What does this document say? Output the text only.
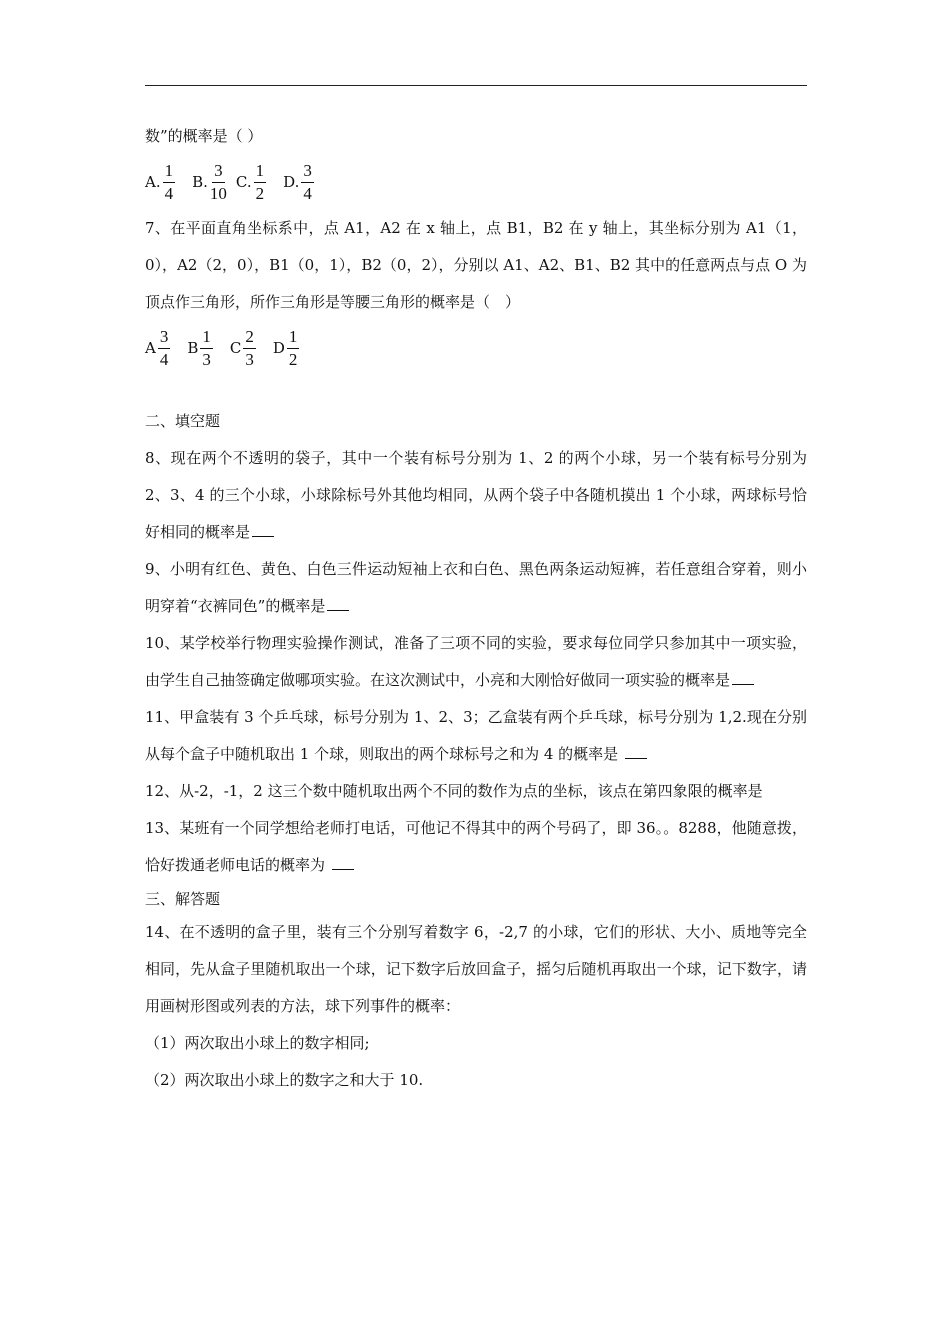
数”的概率是（ ）

A. $\frac{1}{4} B$. $\frac{3}{10} C$. $\frac{1}{2} D$. $\frac{3}{4}$

7、在平面直角坐标系中，点 A1，A2 在 x 轴上，点 B1，B2 在 y 轴上，其坐标分别为 A1（1，0），A2（2，0），B1（0，1），B2（0，2），分别以 A1、A2、B1、B2 其中的任意两点与点 O 为顶点作三角形，所作三角形是等腰三角形的概率是（　）

A $\frac{3}{4}$ B $\frac{1}{3}$ C $\frac{2}{3}$ D $\frac{1}{2}$

二、填空题

8、现在两个不透明的袋子，其中一个装有标号分别为 1、2 的两个小球，另一个装有标号分别为 2、3、4 的三个小球，小球除标号外其他均相同，从两个袋子中各随机摸出 1 个小球，两球标号恰好相同的概率是

9、小明有红色、黄色、白色三件运动短袖上衣和白色、黑色两条运动短裤，若任意组合穿着，则小明穿着“衣裤同色”的概率是

10、某学校举行物理实验操作测试，准备了三项不同的实验，要求每位同学只参加其中一项实验，由学生自己抽签确定做哪项实验。在这次测试中，小亮和大刚恰好做同一项实验的概率是

11、甲盒装有 3 个乒乓球，标号分别为 1、2、3；乙盒装有两个乒乓球，标号分别为 1,2.现在分别从每个盒子中随机取出 1 个球，则取出的两个球标号之和为 4 的概率是

12、从-2，-1，2 这三个数中随机取出两个不同的数作为点的坐标，该点在第四象限的概率是

13、某班有一个同学想给老师打电话，可他记不得其中的两个号码了，即 36。。8288，他随意拨，恰好拨通老师电话的概率为

三、解答题

14、在不透明的盒子里，装有三个分别写着数字 6，-2,7 的小球，它们的形状、大小、质地等完全相同，先从盒子里随机取出一个球，记下数字后放回盒子，摇匀后随机再取出一个球，记下数字，请用画树形图或列表的方法，球下列事件的概率：

（1）两次取出小球上的数字相同;

（2）两次取出小球上的数字之和大于 10.
